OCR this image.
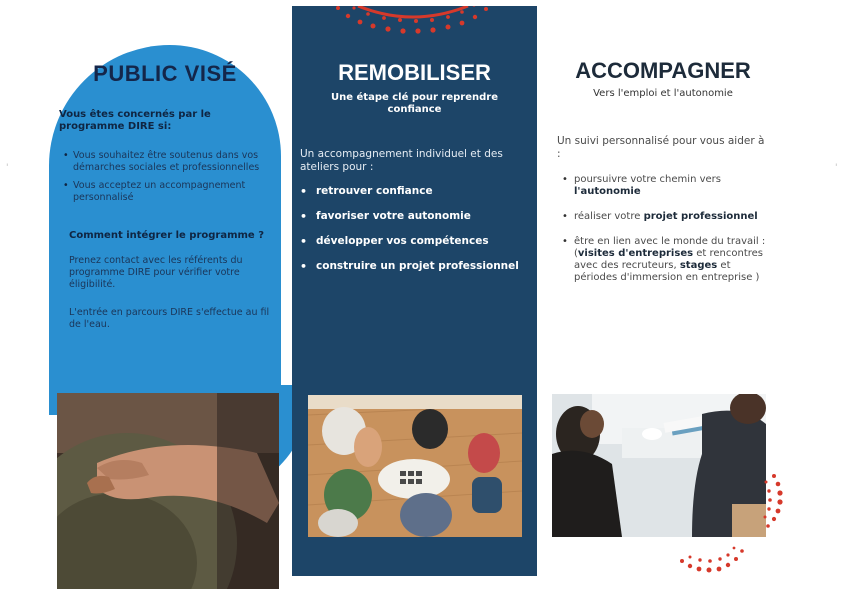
'	'
PUBLIC VISÉ

Vous êtes concernés par le programme DIRE si:

• Vous souhaitez être soutenus dans vos démarches sociales et professionnelles
• Vous acceptez un accompagnement personnalisé

Comment intégrer le programme ?

Prenez contact avec les référents du programme DIRE pour vérifier votre éligibilité.

L'entrée en parcours DIRE s'effectue au fil de l'eau.

REMOBILISER

Une étape clé pour reprendre confiance

Un accompagnement individuel et des ateliers pour :

• retrouver confiance
• favoriser votre autonomie
• développer vos compétences
• construire un projet professionnel
ACCOMPAGNER

Vers l'emploi et l'autonomie

Un suivi personnalisé pour vous aider à :

• poursuivre votre chemin vers l'autonomie
• réaliser votre projet professionnel
• être en lien avec le monde du travail : (visites d'entreprises et rencontres avec des recruteurs, stages et périodes d'immersion en entreprise )
